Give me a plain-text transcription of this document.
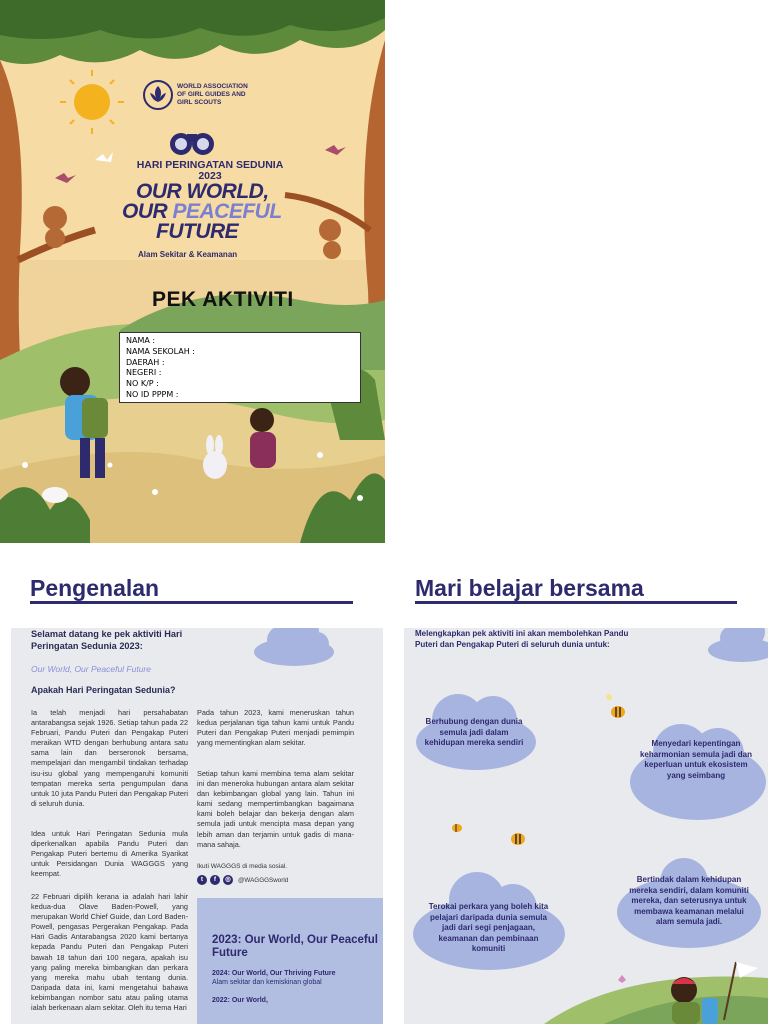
WORLD ASSOCIATION OF GIRL GUIDES AND GIRL SCOUTS
HARI PERINGATAN SEDUNIA
2023
OUR WORLD,
OUR PEACEFUL
FUTURE
Alam Sekitar & Keamanan
PEK AKTIVITI
NAMA :
NAMA SEKOLAH :
DAERAH :
NEGERI :
NO K/P :
NO ID PPPM :
Pengenalan	Mari belajar bersama
Selamat datang ke pek aktiviti Hari Peringatan Sedunia 2023:
Our World, Our Peaceful Future
Apakah Hari Peringatan Sedunia?
Ia telah menjadi hari persahabatan antarabangsa sejak 1926. Setiap tahun pada 22 Februari, Pandu Puteri dan Pengakap Puteri meraikan WTD dengan berhubung antara satu sama lain dan berseronok bersama, mempelajari dan mengambil tindakan terhadap isu-isu global yang mempengaruhi komuniti tempatan mereka serta pengumpulan dana untuk 10 juta Pandu Puteri dan Pengakap Puteri di seluruh dunia.
Idea untuk Hari Peringatan Sedunia mula diperkenalkan apabila Pandu Puteri dan Pengakap Puteri bertemu di Amerika Syarikat untuk Persidangan Dunia WAGGGS yang keempat.
22 Februari dipilih kerana ia adalah hari lahir kedua-dua Olave Baden-Powell, yang merupakan World Chief Guide, dan Lord Baden- Powell, pengasas Pergerakan Pengakap. Pada Hari Gadis Antarabangsa 2020 kami bertanya kepada Pandu Puteri dan Pengakap Puteri bawah 18 tahun dari 100 negara, apakah isu yang paling mereka bimbangkan dan perkara yang mereka mahu ubah tentang dunia. Daripada data ini, kami mengetahui bahawa kebimbangan nombor satu atau paling utama ialah berkenaan alam sekitar. Oleh itu tema Hari
Pada tahun 2023, kami meneruskan tahun kedua perjalanan tiga tahun kami untuk Pandu Puteri dan Pengakap Puteri menjadi pemimpin yang mementingkan alam sekitar.
Setiap tahun kami membina tema alam sekitar ini dan meneroka hubungan antara alam sekitar dan kebimbangan global yang lain. Tahun ini kami sedang mempertimbangkan bagaimana kami boleh belajar dan bekerja dengan alam semula jadi untuk mencipta masa depan yang lebih aman dan terjamin untuk gadis di mana-mana sahaja.
Ikuti WAGGGS di media sosial.
t	f	◎	@WAGGGSworld
2023: Our World, Our Peaceful Future
2024: Our World, Our Thriving Future
Alam sekitar dan kemiskinan global
2022: Our World,
Melengkapkan pek aktiviti ini akan membolehkan Pandu Puteri dan Pengakap Puteri di seluruh dunia untuk:
Berhubung dengan dunia semula jadi dalam kehidupan mereka sendiri	Menyedari kepentingan keharmonian semula jadi dan keperluan untuk ekosistem yang seimbang
Terokai perkara yang boleh kita pelajari daripada dunia semula jadi dari segi penjagaan, keamanan dan pembinaan komuniti
Bertindak dalam kehidupan mereka sendiri, dalam komuniti mereka, dan seterusnya untuk membawa keamanan melalui alam semula jadi.
